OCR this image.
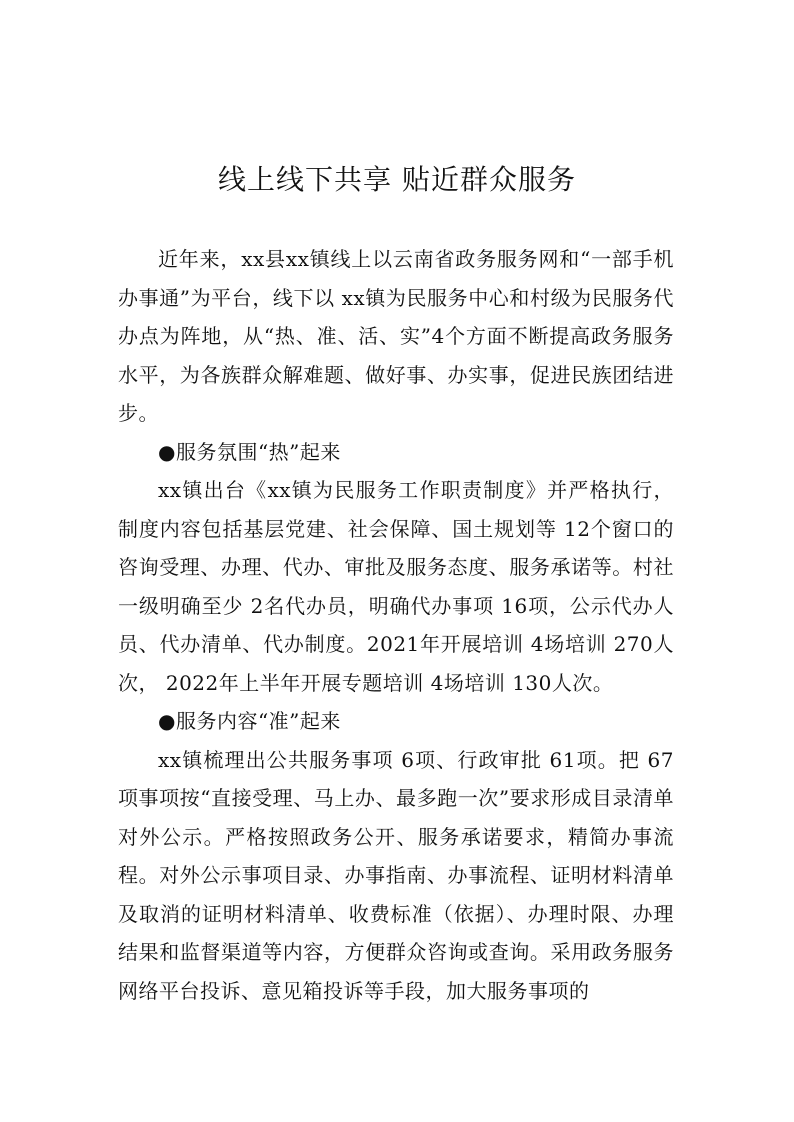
线上线下共享 贴近群众服务

近年来，xx县xx镇线上以云南省政务服务网和“一部手机办事通”为平台，线下以 xx镇为民服务中心和村级为民服务代办点为阵地，从“热、准、活、实”4个方面不断提高政务服务水平，为各族群众解难题、做好事、办实事，促进民族团结进步。

●服务氛围“热”起来

xx镇出台《xx镇为民服务工作职责制度》并严格执行，制度内容包括基层党建、社会保障、国土规划等 12个窗口的咨询受理、办理、代办、审批及服务态度、服务承诺等。村社一级明确至少 2名代办员，明确代办事项 16项，公示代办人员、代办清单、代办制度。2021年开展培训 4场培训 270人次， 2022年上半年开展专题培训 4场培训 130人次。

●服务内容“准”起来

xx镇梳理出公共服务事项 6项、行政审批 61项。把 67项事项按“直接受理、马上办、最多跑一次”要求形成目录清单对外公示。严格按照政务公开、服务承诺要求，精简办事流程。对外公示事项目录、办事指南、办事流程、证明材料清单及取消的证明材料清单、收费标准（依据）、办理时限、办理结果和监督渠道等内容，方便群众咨询或查询。采用政务服务网络平台投诉、意见箱投诉等手段，加大服务事项的
